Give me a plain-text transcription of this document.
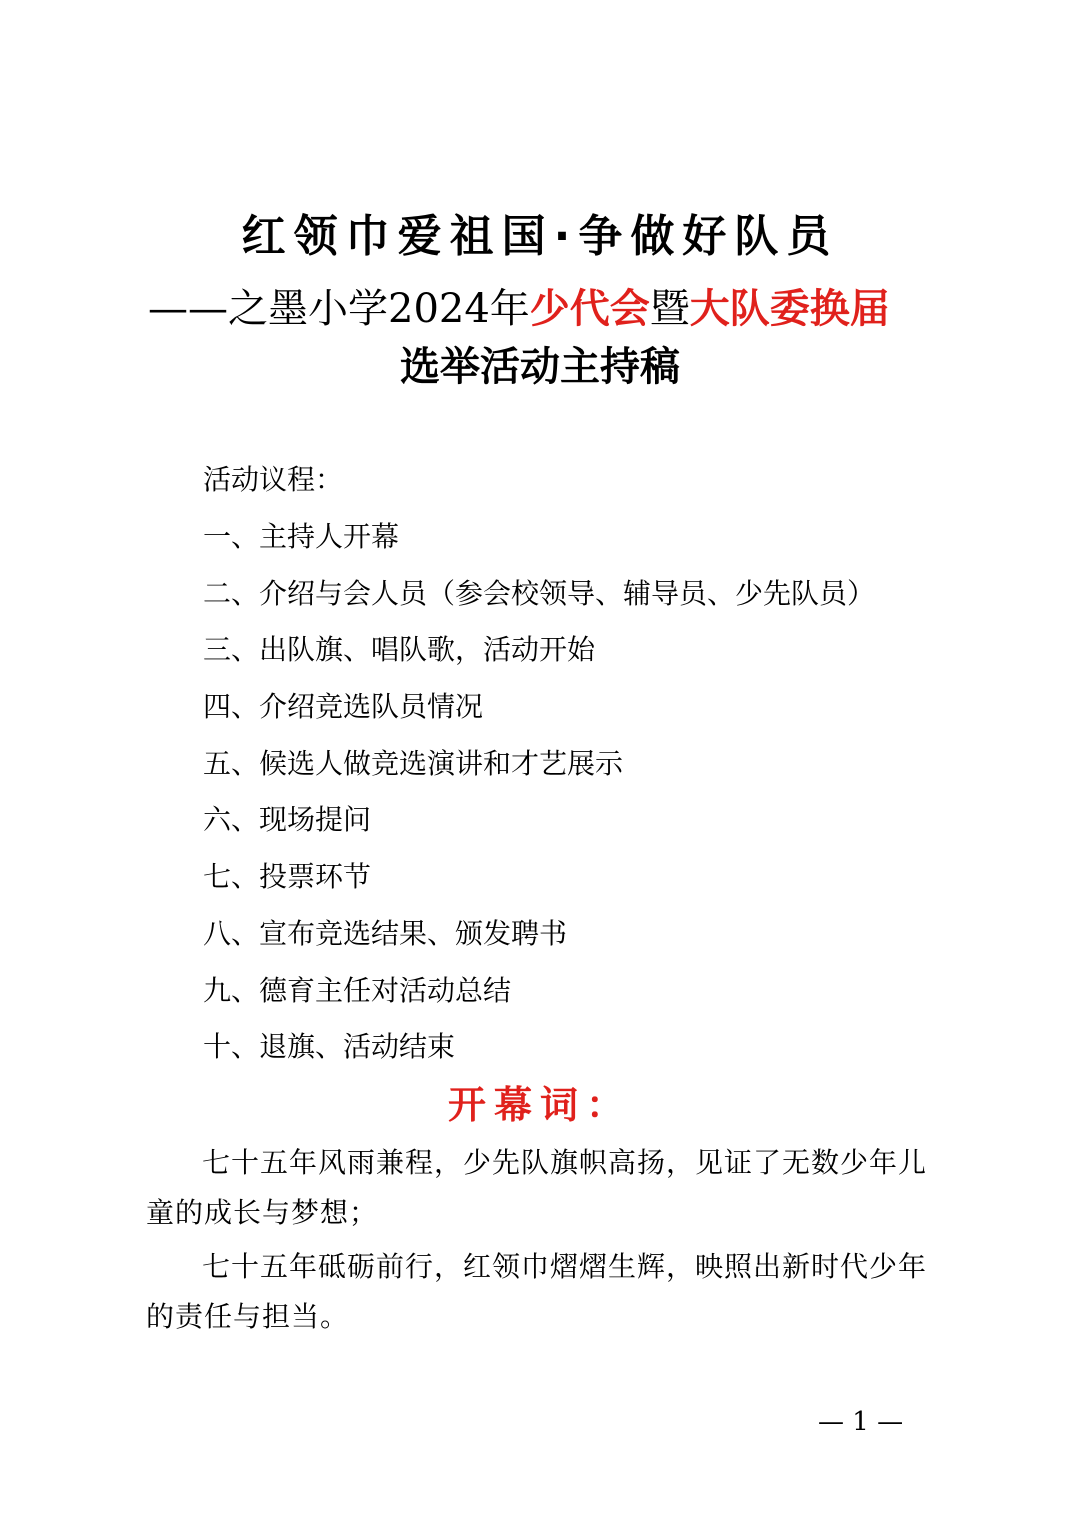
红领巾爱祖国·争做好队员
——之墨小学2024年少代会暨大队委换届
选举活动主持稿
活动议程：
一、主持人开幕
二、介绍与会人员（参会校领导、辅导员、少先队员）
三、出队旗、唱队歌，活动开始
四、介绍竞选队员情况
五、候选人做竞选演讲和才艺展示
六、现场提问
七、投票环节
八、宣布竞选结果、颁发聘书
九、德育主任对活动总结
十、退旗、活动结束
开幕词：
七十五年风雨兼程，少先队旗帜高扬，见证了无数少年儿童的成长与梦想；
七十五年砥砺前行，红领巾熠熠生辉，映照出新时代少年的责任与担当。
— 1 —
